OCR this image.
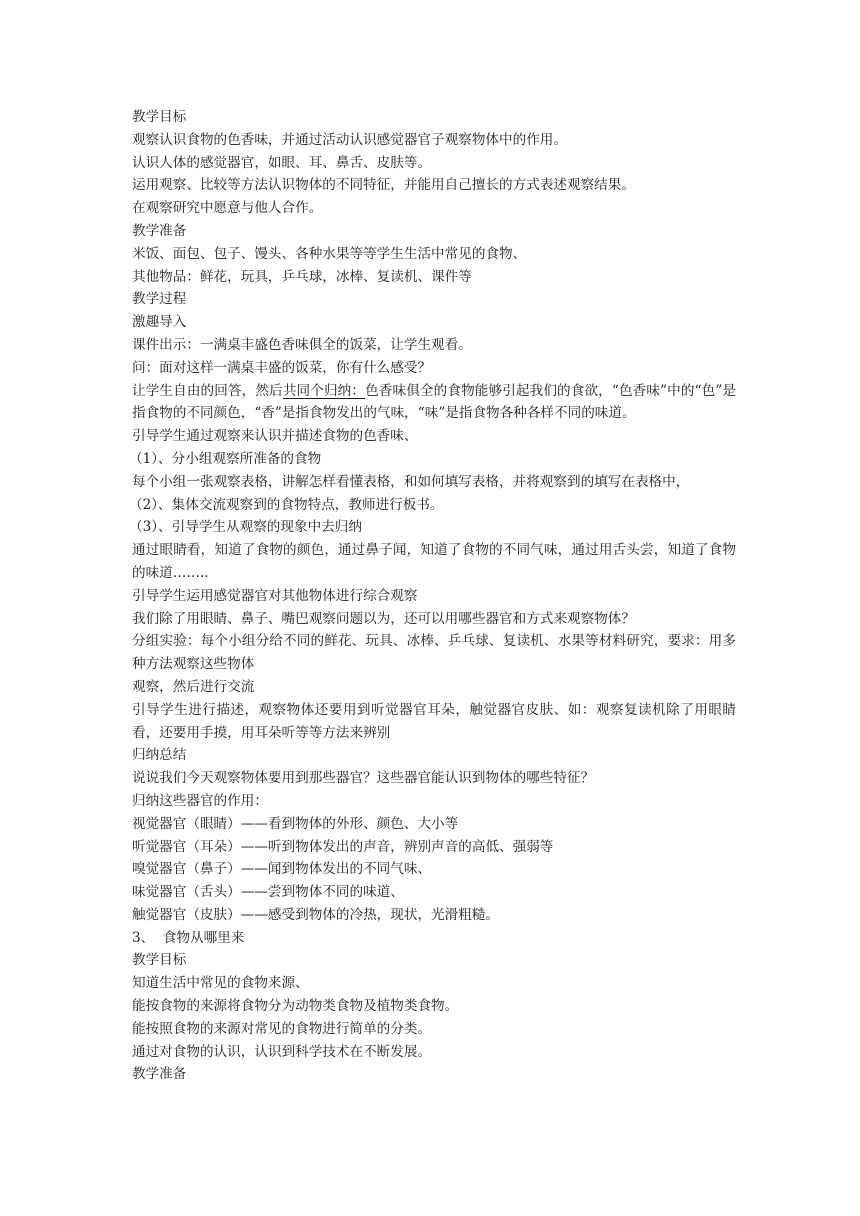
教学目标
观察认识食物的色香味，并通过活动认识感觉器官子观察物体中的作用。
认识人体的感觉器官，如眼、耳、鼻舌、皮肤等。
运用观察、比较等方法认识物体的不同特征，并能用自己擅长的方式表述观察结果。
在观察研究中愿意与他人合作。
教学准备
米饭、面包、包子、馒头、各种水果等等学生生活中常见的食物、
其他物品：鲜花，玩具，乒乓球，冰棒、复读机、课件等
教学过程
激趣导入
课件出示：一满桌丰盛色香味俱全的饭菜，让学生观看。
问：面对这样一满桌丰盛的饭菜，你有什么感受？
让学生自由的回答，然后共同个归纳：色香味俱全的食物能够引起我们的食欲，“色香味”中的“色”是指食物的不同颜色，“香”是指食物发出的气味，“味”是指食物各种各样不同的味道。
引导学生通过观察来认识并描述食物的色香味、
（1）、分小组观察所准备的食物
每个小组一张观察表格，讲解怎样看懂表格，和如何填写表格，并将观察到的填写在表格中，
（2）、集体交流观察到的食物特点，教师进行板书。
（3）、引导学生从观察的现象中去归纳
通过眼睛看，知道了食物的颜色，通过鼻子闻，知道了食物的不同气味，通过用舌头尝，知道了食物的味道……..
引导学生运用感觉器官对其他物体进行综合观察
我们除了用眼睛、鼻子、嘴巴观察问题以为，还可以用哪些器官和方式来观察物体？
分组实验：每个小组分给不同的鲜花、玩具、冰棒、乒乓球、复读机、水果等材料研究，要求：用多种方法观察这些物体
观察，然后进行交流
引导学生进行描述，观察物体还要用到听觉器官耳朵，触觉器官皮肤、如：观察复读机除了用眼睛看，还要用手摸，用耳朵听等等方法来辨别
归纳总结
说说我们今天观察物体要用到那些器官？这些器官能认识到物体的哪些特征？
归纳这些器官的作用：
视觉器官（眼睛）——看到物体的外形、颜色、大小等
听觉器官（耳朵）——听到物体发出的声音，辨别声音的高低、强弱等
嗅觉器官（鼻子）——闻到物体发出的不同气味、
味觉器官（舌头）——尝到物体不同的味道、
触觉器官（皮肤）——感受到物体的冷热，现状，光滑粗糙。
3、  食物从哪里来
教学目标
知道生活中常见的食物来源、
能按食物的来源将食物分为动物类食物及植物类食物。
能按照食物的来源对常见的食物进行简单的分类。
通过对食物的认识，认识到科学技术在不断发展。
教学准备
